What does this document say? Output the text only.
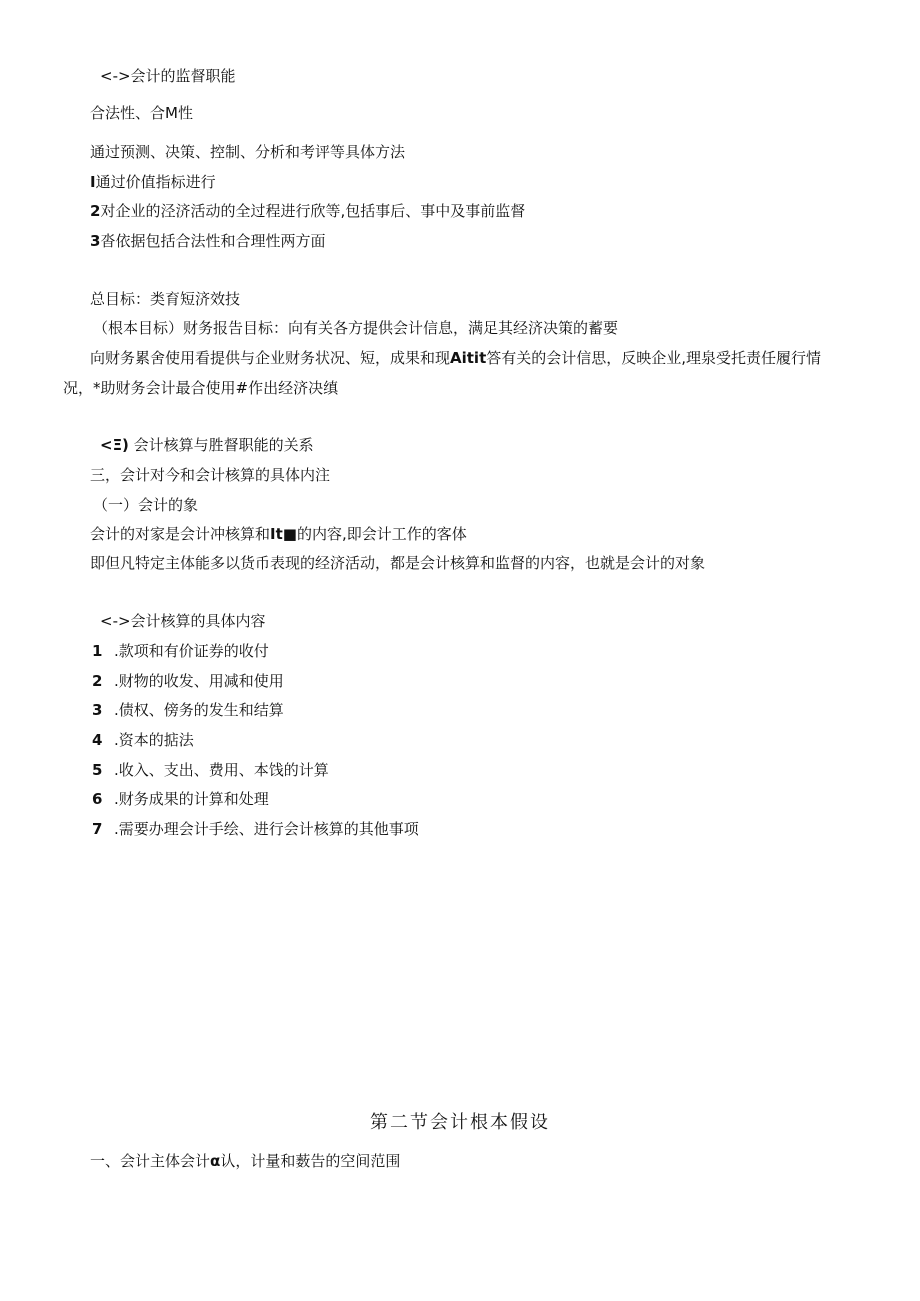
<->会计的监督职能
合法性、合M性
通过预测、决策、控制、分析和考评等具体方法
I通过价值指标进行
2对企业的泾济活动的全过程进行欣等,包括事后、事中及事前监督
3沓依据包括合法性和合理性两方面
总目标：类育短济效技
（根本目标）财务报告目标：向有关各方提供会计信息，满足其经济决策的蓄要
向财务累舍使用看提供与企业财务状况、短，成果和现Aitit答有关的会计信思，反映企业,理泉受托责任履行情
况，*助财务会计最合使用#作出经济决缜
<Ξ) 会计核算与胜督职能的关系
三，会计对今和会计核算的具体内注
（一）会计的象
会计的对家是会计冲核算和It■的内容,即会计工作的客体
即但凡特定主体能多以货币表现的经济活动，都是会计核算和监督的内容，也就是会计的对象
<->会计核算的具体内容
1 .款项和有价证券的收付
2 .财物的收发、用减和使用
3 .债权、傍务的发生和结算
4 .资本的掂法
5 .收入、支出、费用、本饯的计算
6 .财务成果的计算和处理
7 .需要办理会计手绘、进行会计核算的其他事项
第二节会计根本假设
一、会计主体会计α认，计量和薮告的空间范围
